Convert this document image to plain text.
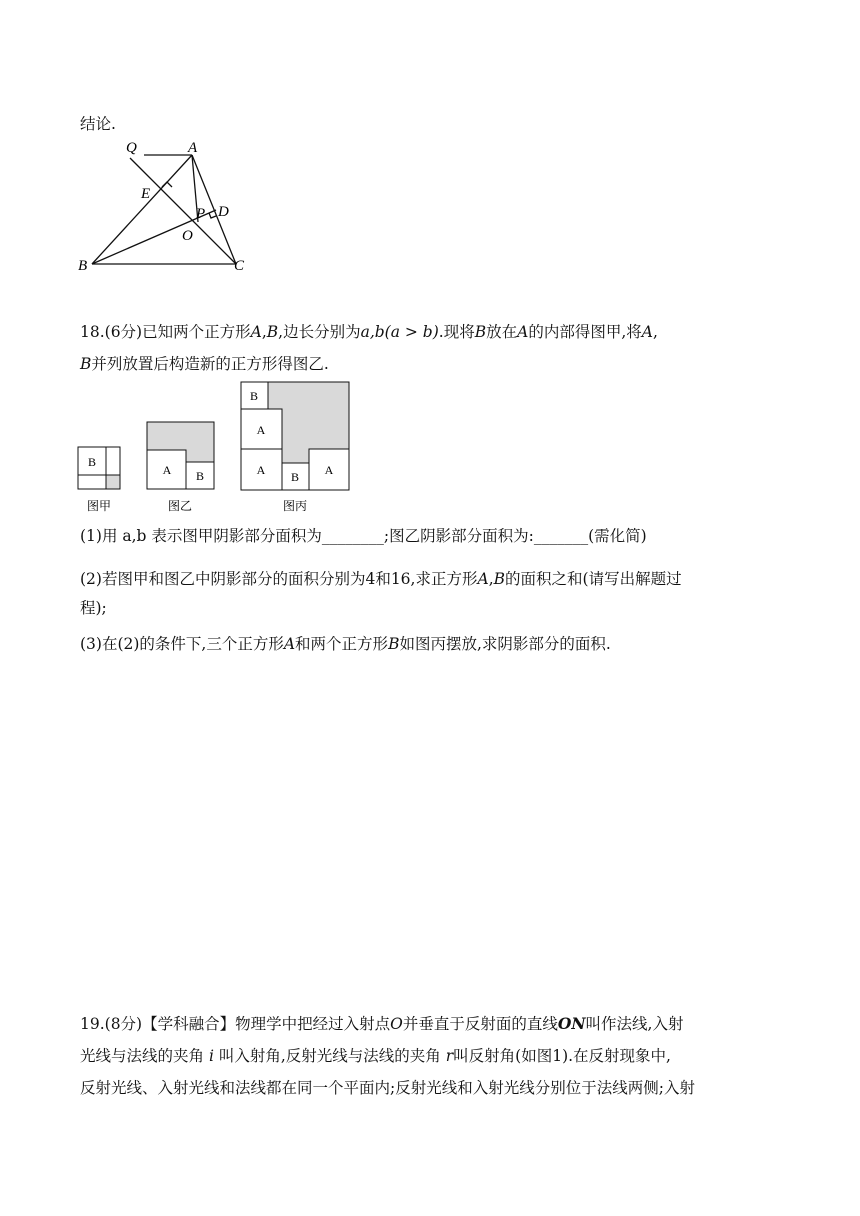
结论.
Q	A
E
P D
O
B	C
18.(6分)已知两个正方形A,B,边长分别为a,b(a > b).现将B放在A的内部得图甲,将A,
B并列放置后构造新的正方形得图乙.
B
A B
B
A
A B A
图甲	图乙	图丙
(1)用 a,b 表示图甲阴影部分面积为________;图乙阴影部分面积为:_______(需化简)
(2)若图甲和图乙中阴影部分的面积分别为4和16,求正方形A,B的面积之和(请写出解题过
程);
(3)在(2)的条件下,三个正方形A和两个正方形B如图丙摆放,求阴影部分的面积.
19.(8分)【学科融合】物理学中把经过入射点O并垂直于反射面的直线ON叫作法线,入射
光线与法线的夹角 i 叫入射角,反射光线与法线的夹角 r叫反射角(如图1).在反射现象中,
反射光线、入射光线和法线都在同一个平面内;反射光线和入射光线分别位于法线两侧;入射
